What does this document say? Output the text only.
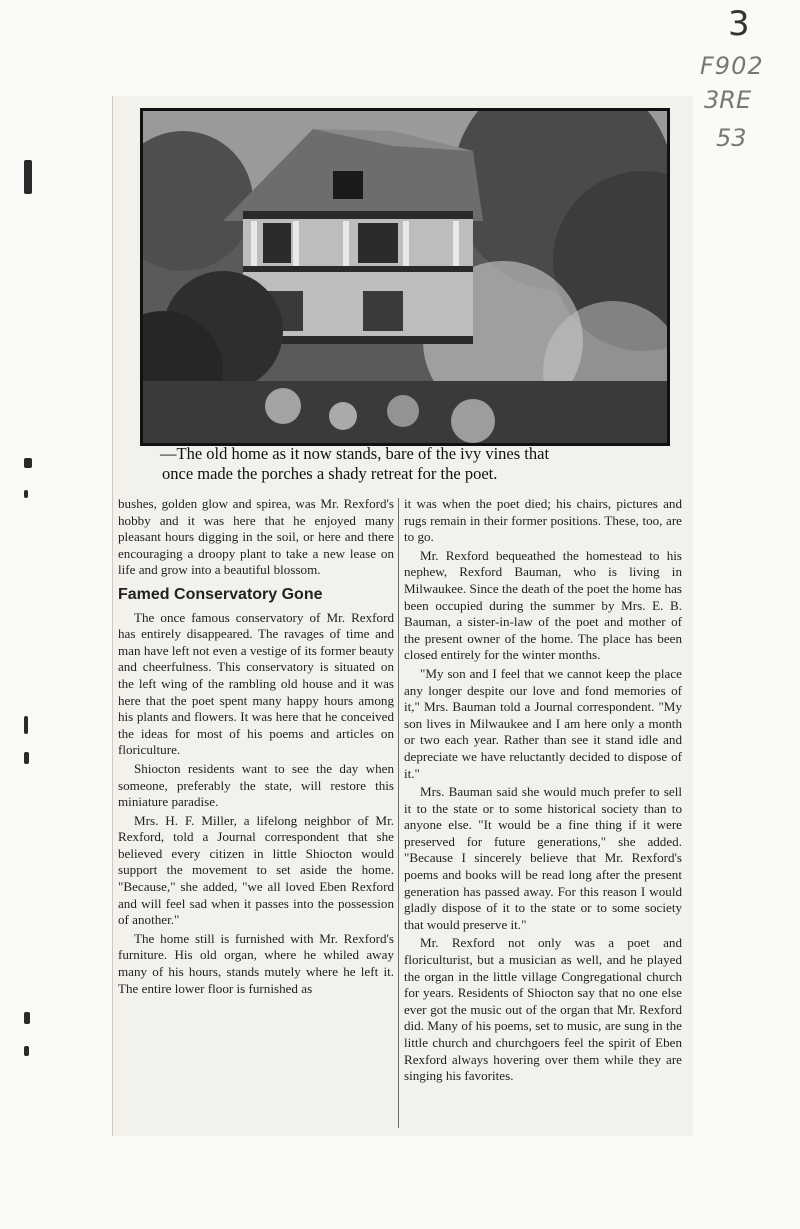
3
F902
3RE
53
—The old home as it now stands, bare of the ivy vines that
once made the porches a shady retreat for the poet.

bushes, golden glow and spirea, was Mr. Rexford's hobby and it was here that he enjoyed many pleasant hours digging in the soil, or here and there encouraging a droopy plant to take a new lease on life and grow into a beautiful blossom.

Famed Conservatory Gone

The once famous conservatory of Mr. Rexford has entirely disappeared. The ravages of time and man have left not even a vestige of its former beauty and cheerfulness. This conservatory is situated on the left wing of the rambling old house and it was here that the poet spent many happy hours among his plants and flowers. It was here that he conceived the ideas for most of his poems and articles on floriculture.

Shiocton residents want to see the day when someone, preferably the state, will restore this miniature paradise.

Mrs. H. F. Miller, a lifelong neighbor of Mr. Rexford, told a Journal correspondent that she believed every citizen in little Shiocton would support the movement to set aside the home. "Because," she added, "we all loved Eben Rexford and will feel sad when it passes into the possession of another."

The home still is furnished with Mr. Rexford's furniture. His old organ, where he whiled away many of his hours, stands mutely where he left it. The entire lower floor is furnished as

it was when the poet died; his chairs, pictures and rugs remain in their former positions. These, too, are to go.

Mr. Rexford bequeathed the homestead to his nephew, Rexford Bauman, who is living in Milwaukee. Since the death of the poet the home has been occupied during the summer by Mrs. E. B. Bauman, a sister-in-law of the poet and mother of the present owner of the home. The place has been closed entirely for the winter months.

"My son and I feel that we cannot keep the place any longer despite our love and fond memories of it," Mrs. Bauman told a Journal correspondent. "My son lives in Milwaukee and I am here only a month or two each year. Rather than see it stand idle and depreciate we have reluctantly decided to dispose of it."

Mrs. Bauman said she would much prefer to sell it to the state or to some historical society than to anyone else. "It would be a fine thing if it were preserved for future generations," she added. "Because I sincerely believe that Mr. Rexford's poems and books will be read long after the present generation has passed away. For this reason I would gladly dispose of it to the state or to some society that would preserve it."

Mr. Rexford not only was a poet and floriculturist, but a musician as well, and he played the organ in the little village Congregational church for years. Residents of Shiocton say that no one else ever got the music out of the organ that Mr. Rexford did. Many of his poems, set to music, are sung in the little church and churchgoers feel the spirit of Eben Rexford always hovering over them while they are singing his favorites.
